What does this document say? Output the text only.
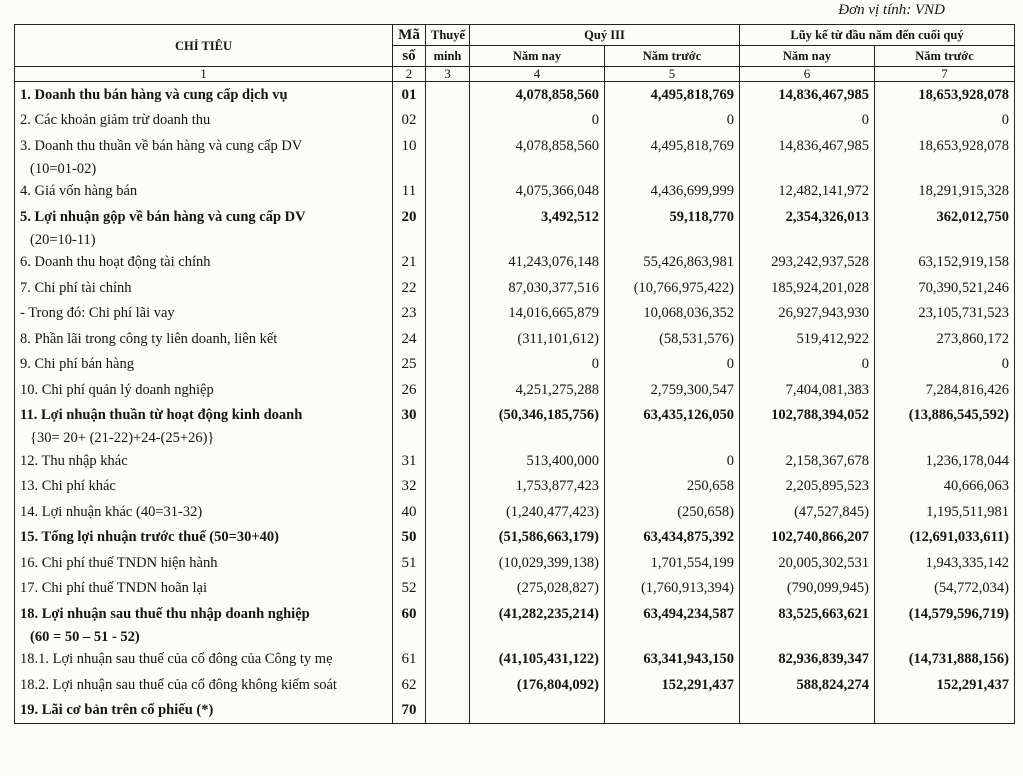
Đơn vị tính: VND
CHỈ TIÊU	Mã	Thuyế	Quý III		Lũy kế từ đầu năm đến cuối quý	
	số	minh	Năm nay	Năm trước	Năm nay	Năm trước
1	2	3	4	5	6	7
1. Doanh thu bán hàng và cung cấp dịch vụ	01		4,078,858,560	4,495,818,769	14,836,467,985	18,653,928,078
2. Các khoản giảm trừ doanh thu	02		0	0	0	0
3. Doanh thu thuần về bán hàng và cung cấp DV	10		4,078,858,560	4,495,818,769	14,836,467,985	18,653,928,078
(10=01-02)						
4. Giá vốn hàng bán	11		4,075,366,048	4,436,699,999	12,482,141,972	18,291,915,328
5. Lợi nhuận gộp về bán hàng và cung cấp DV	20		3,492,512	59,118,770	2,354,326,013	362,012,750
(20=10-11)						
6. Doanh thu hoạt động tài chính	21		41,243,076,148	55,426,863,981	293,242,937,528	63,152,919,158
7. Chi phí tài chính	22		87,030,377,516	(10,766,975,422)	185,924,201,028	70,390,521,246
- Trong đó: Chi phí lãi vay	23		14,016,665,879	10,068,036,352	26,927,943,930	23,105,731,523
8. Phần lãi trong công ty liên doanh, liên kết	24		(311,101,612)	(58,531,576)	519,412,922	273,860,172
9. Chi phí bán hàng	25		0	0	0	0
10. Chi phí quản lý doanh nghiệp	26		4,251,275,288	2,759,300,547	7,404,081,383	7,284,816,426
11. Lợi nhuận thuần từ hoạt động kinh doanh	30		(50,346,185,756)	63,435,126,050	102,788,394,052	(13,886,545,592)
{30= 20+ (21-22)+24-(25+26)}						
12. Thu nhập khác	31		513,400,000	0	2,158,367,678	1,236,178,044
13. Chi phí khác	32		1,753,877,423	250,658	2,205,895,523	40,666,063
14. Lợi nhuận khác (40=31-32)	40		(1,240,477,423)	(250,658)	(47,527,845)	1,195,511,981
15. Tổng lợi nhuận trước thuế (50=30+40)	50		(51,586,663,179)	63,434,875,392	102,740,866,207	(12,691,033,611)
16. Chi phí thuế TNDN hiện hành	51		(10,029,399,138)	1,701,554,199	20,005,302,531	1,943,335,142
17. Chi phí thuế TNDN hoãn lại	52		(275,028,827)	(1,760,913,394)	(790,099,945)	(54,772,034)
18. Lợi nhuận sau thuế thu nhập doanh nghiệp	60		(41,282,235,214)	63,494,234,587	83,525,663,621	(14,579,596,719)
(60 = 50 – 51 - 52)						
18.1. Lợi nhuận sau thuế của cổ đông của Công ty mẹ	61		(41,105,431,122)	63,341,943,150	82,936,839,347	(14,731,888,156)
18.2. Lợi nhuận sau thuế của cổ đông không kiểm soát	62		(176,804,092)	152,291,437	588,824,274	152,291,437
19. Lãi cơ bản trên cổ phiếu (*)	70					
